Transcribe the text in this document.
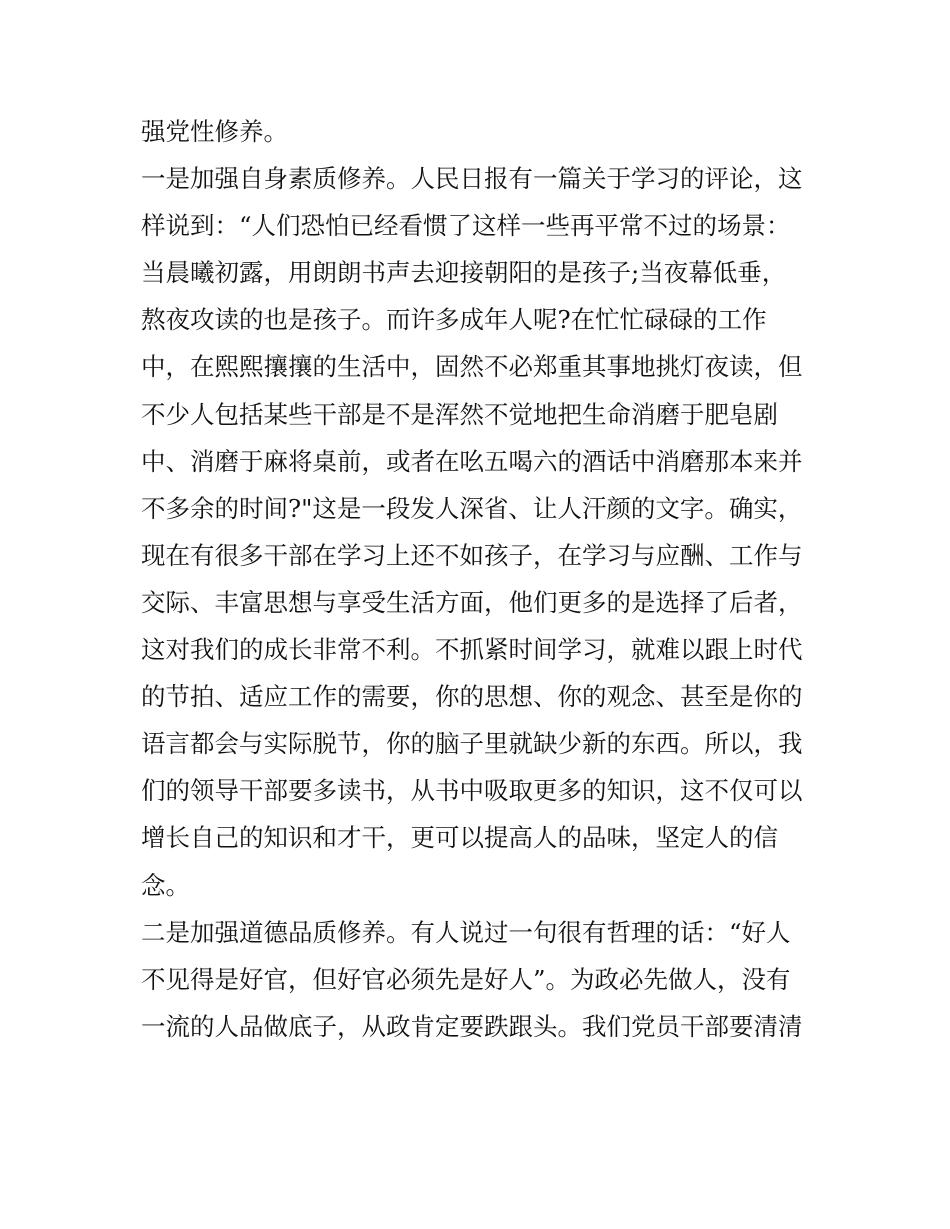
强党性修养。
一是加强自身素质修养。人民日报有一篇关于学习的评论，这
样说到：“人们恐怕已经看惯了这样一些再平常不过的场景：
当晨曦初露，用朗朗书声去迎接朝阳的是孩子;当夜幕低垂，
熬夜攻读的也是孩子。而许多成年人呢?在忙忙碌碌的工作
中，在熙熙攘攘的生活中，固然不必郑重其事地挑灯夜读，但
不少人包括某些干部是不是浑然不觉地把生命消磨于肥皂剧
中、消磨于麻将桌前，或者在吆五喝六的酒话中消磨那本来并
不多余的时间?"这是一段发人深省、让人汗颜的文字。确实，
现在有很多干部在学习上还不如孩子，在学习与应酬、工作与
交际、丰富思想与享受生活方面，他们更多的是选择了后者，
这对我们的成长非常不利。不抓紧时间学习，就难以跟上时代
的节拍、适应工作的需要，你的思想、你的观念、甚至是你的
语言都会与实际脱节，你的脑子里就缺少新的东西。所以，我
们的领导干部要多读书，从书中吸取更多的知识，这不仅可以
增长自己的知识和才干，更可以提高人的品味，坚定人的信
念。
二是加强道德品质修养。有人说过一句很有哲理的话：“好人
不见得是好官，但好官必须先是好人”。为政必先做人，没有
一流的人品做底子，从政肯定要跌跟头。我们党员干部要清清
